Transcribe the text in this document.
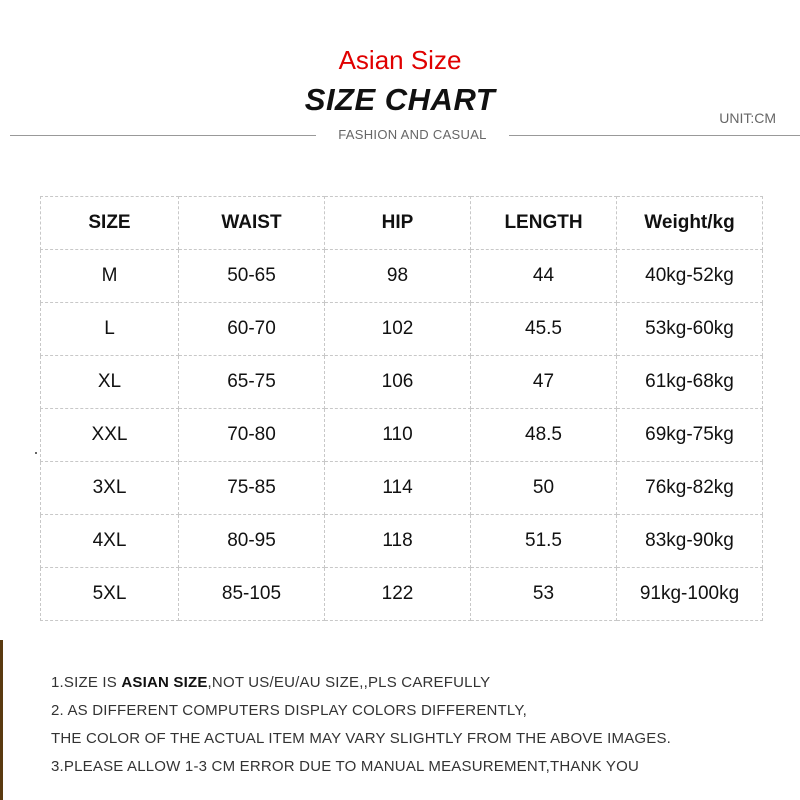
Asian Size
SIZE CHART
UNIT:CM
FASHION AND CASUAL
SIZE	WAIST	HIP	LENGTH	Weight/kg
M	50-65	98	44	40kg-52kg
L	60-70	102	45.5	53kg-60kg
XL	65-75	106	47	61kg-68kg
XXL	70-80	110	48.5	69kg-75kg
3XL	75-85	114	50	76kg-82kg
4XL	80-95	118	51.5	83kg-90kg
5XL	85-105	122	53	91kg-100kg
1.SIZE IS ASIAN SIZE,NOT US/EU/AU SIZE,,PLS CAREFULLY
2. AS DIFFERENT COMPUTERS DISPLAY COLORS DIFFERENTLY,
THE COLOR OF THE ACTUAL ITEM MAY VARY SLIGHTLY FROM THE ABOVE IMAGES.
3.PLEASE ALLOW 1-3 CM ERROR DUE TO MANUAL MEASUREMENT,THANK YOU
